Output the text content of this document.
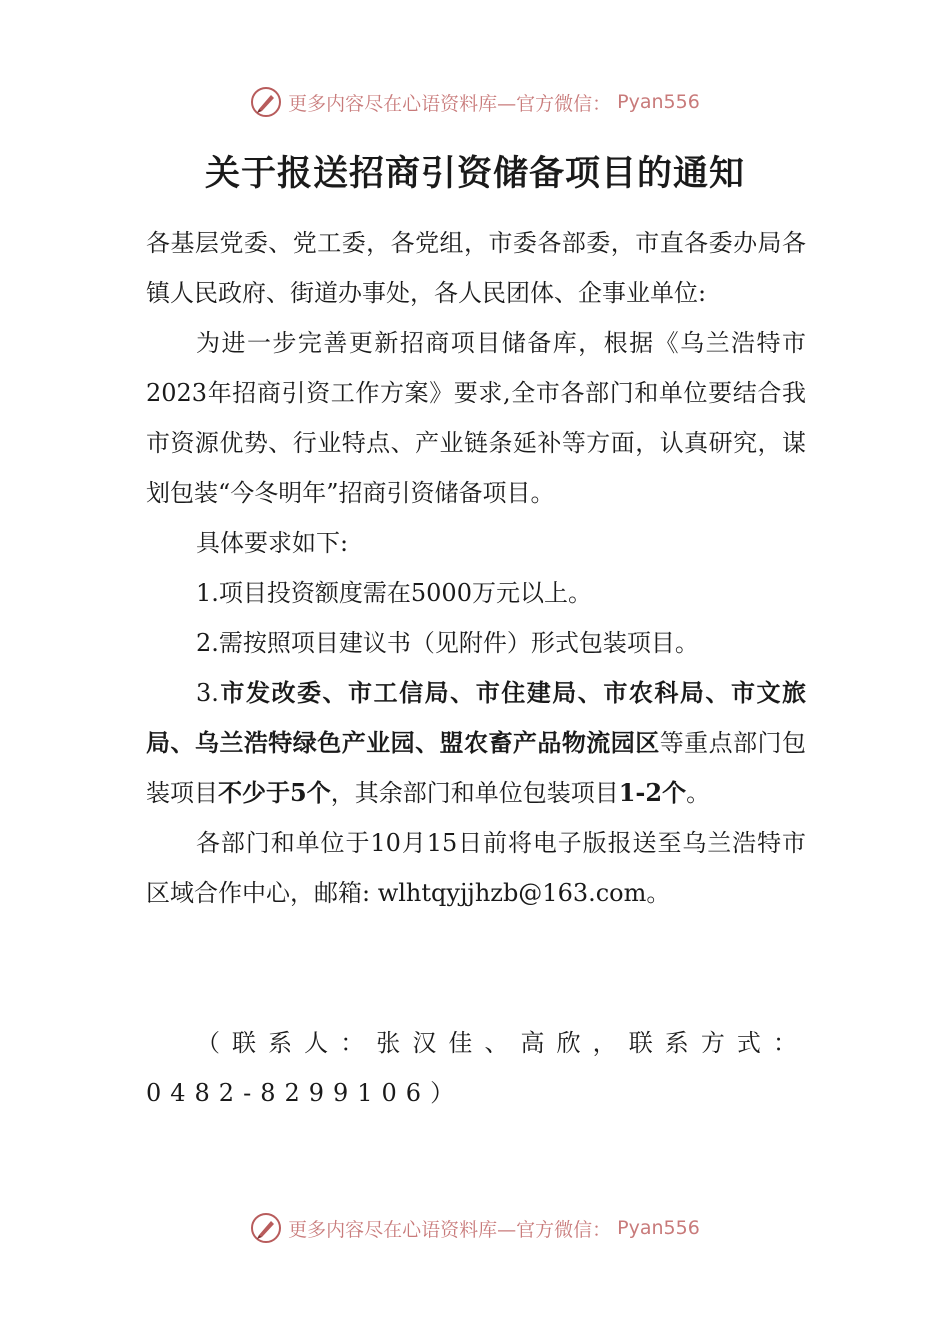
更多内容尽在心语资料库—官方微信： Pyan556
关于报送招商引资储备项目的通知

各基层党委、党工委，各党组，市委各部委，市直各委办局各镇人民政府、街道办事处，各人民团体、企事业单位:

为进一步完善更新招商项目储备库，根据《乌兰浩特市2023年招商引资工作方案》要求,全市各部门和单位要结合我市资源优势、行业特点、产业链条延补等方面，认真研究，谋划包装“今冬明年”招商引资储备项目。

具体要求如下:

1.项目投资额度需在5000万元以上。

2.需按照项目建议书（见附件）形式包装项目。

3.市发改委、市工信局、市住建局、市农科局、市文旅局、乌兰浩特绿色产业园、盟农畜产品物流园区等重点部门包装项目不少于5个，其余部门和单位包装项目1-2个。

各部门和单位于10月15日前将电子版报送至乌兰浩特市区域合作中心，邮箱: wlhtqyjjhzb@163.com。

（联系人：张汉佳、高欣，联系方式：0482-8299106）

更多内容尽在心语资料库—官方微信： Pyan556
